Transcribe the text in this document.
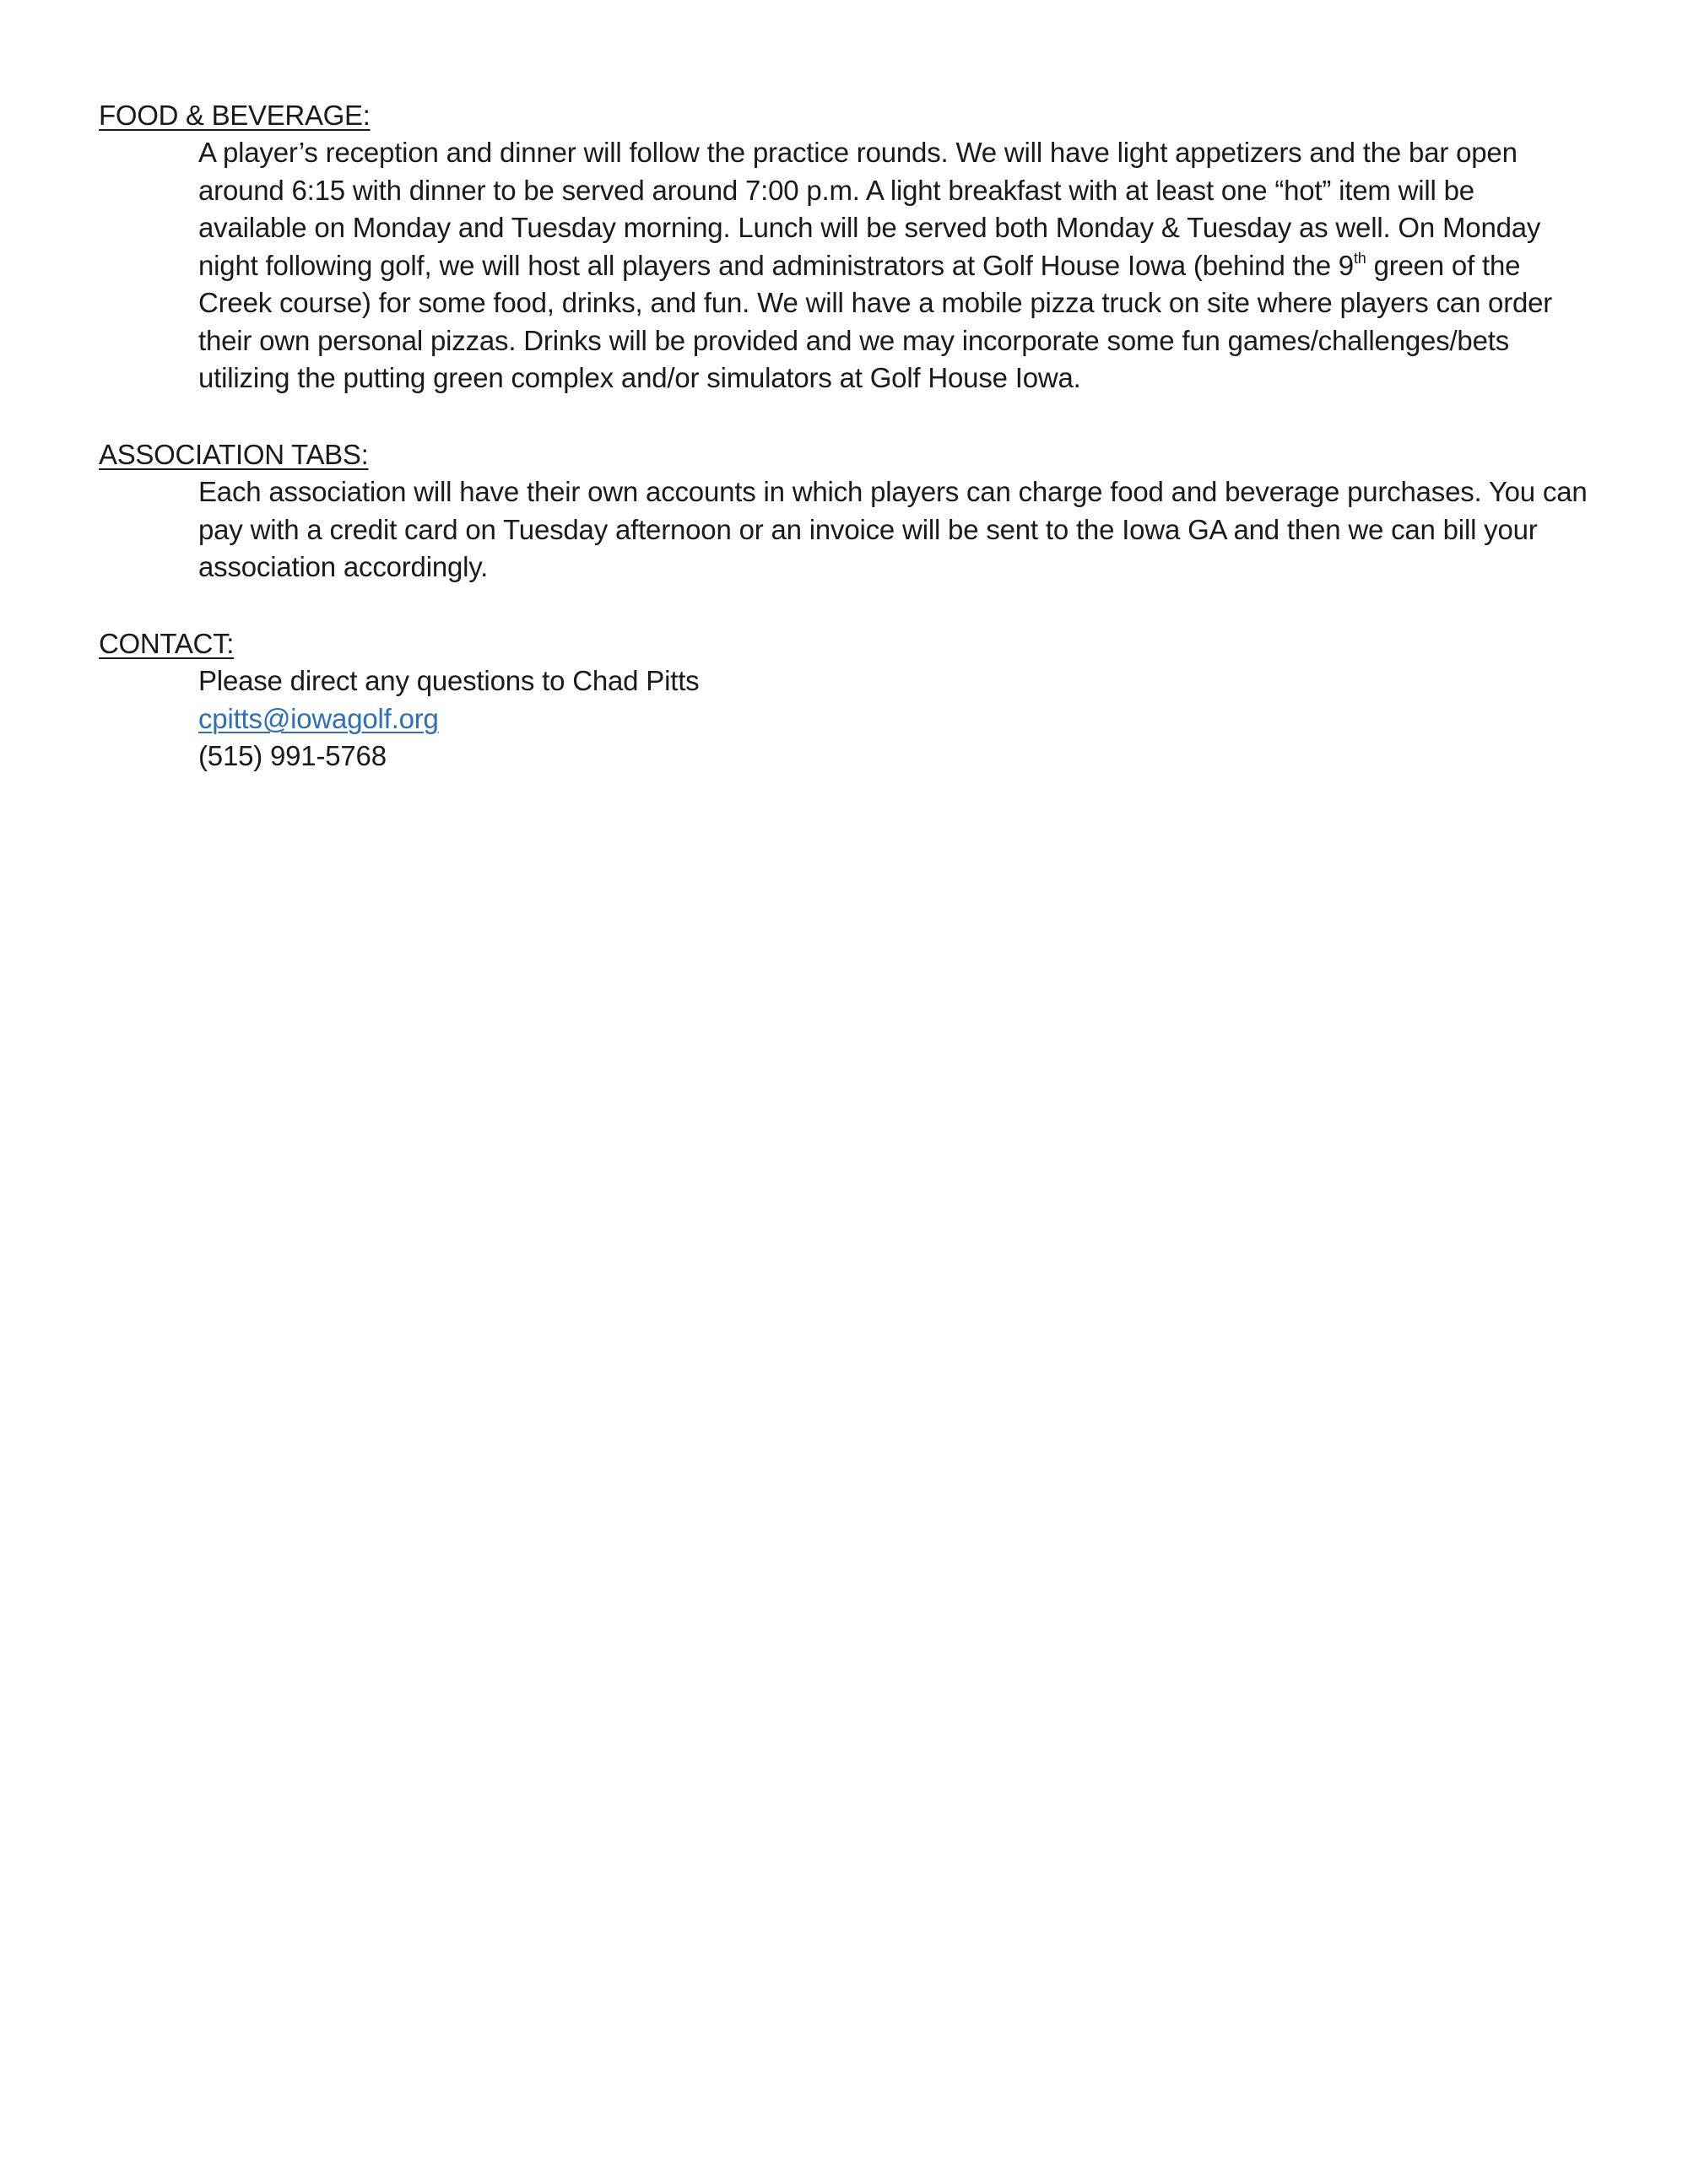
FOOD & BEVERAGE:

A player’s reception and dinner will follow the practice rounds. We will have light appetizers and the bar open
around 6:15 with dinner to be served around 7:00 p.m. A light breakfast with at least one “hot” item will be
available on Monday and Tuesday morning. Lunch will be served both Monday & Tuesday as well. On Monday
night following golf, we will host all players and administrators at Golf House Iowa (behind the 9th green of the
Creek course) for some food, drinks, and fun. We will have a mobile pizza truck on site where players can order
their own personal pizzas. Drinks will be provided and we may incorporate some fun games/challenges/bets
utilizing the putting green complex and/or simulators at Golf House Iowa.

ASSOCIATION TABS:

Each association will have their own accounts in which players can charge food and beverage purchases. You can
pay with a credit card on Tuesday afternoon or an invoice will be sent to the Iowa GA and then we can bill your
association accordingly.

CONTACT:

Please direct any questions to Chad Pitts
cpitts@iowagolf.org
(515) 991-5768
